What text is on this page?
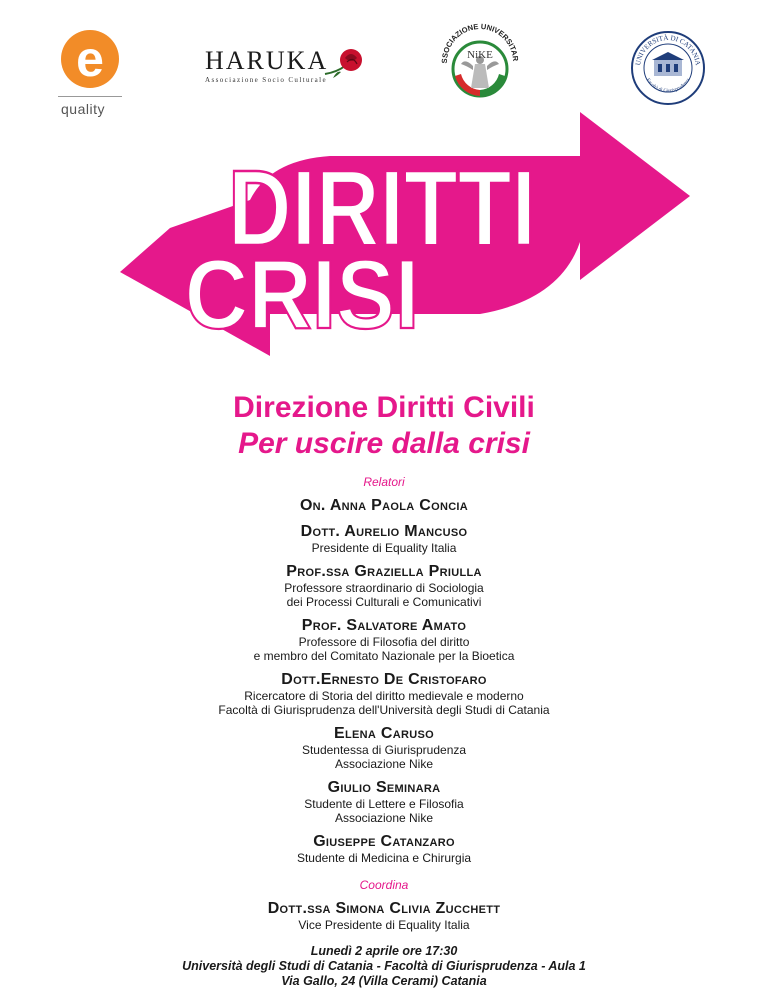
e
quality
HARUKA
Associazione Socio Culturale
SSOCIAZIONE UNIVERSITAR
NiKE
UNIVERSITÀ DI CATANIA
Facoltà di Giurisprudenza
DIRITTI
CRISI
Direzione Diritti Civili
Per uscire dalla crisi
Relatori
On. Anna Paola Concia
Dott. Aurelio Mancuso
Presidente di Equality Italia
Prof.ssa Graziella Priulla
Professore straordinario di Sociologia
dei Processi Culturali e Comunicativi
Prof. Salvatore Amato
Professore di Filosofia del diritto
e membro del Comitato Nazionale per la Bioetica
Dott.Ernesto De Cristofaro
Ricercatore di Storia del diritto medievale e moderno
Facoltà di Giurisprudenza dell'Università degli Studi di Catania
Elena Caruso
Studentessa di Giurisprudenza
Associazione Nike
Giulio Seminara
Studente di Lettere e Filosofia
Associazione Nike
Giuseppe Catanzaro
Studente di Medicina e Chirurgia
Coordina
Dott.ssa Simona Clivia Zucchett
Vice Presidente di Equality Italia
Lunedì 2 aprile ore 17:30
Università degli Studi di Catania - Facoltà di Giurisprudenza - Aula 1
Via Gallo, 24 (Villa Cerami) Catania
